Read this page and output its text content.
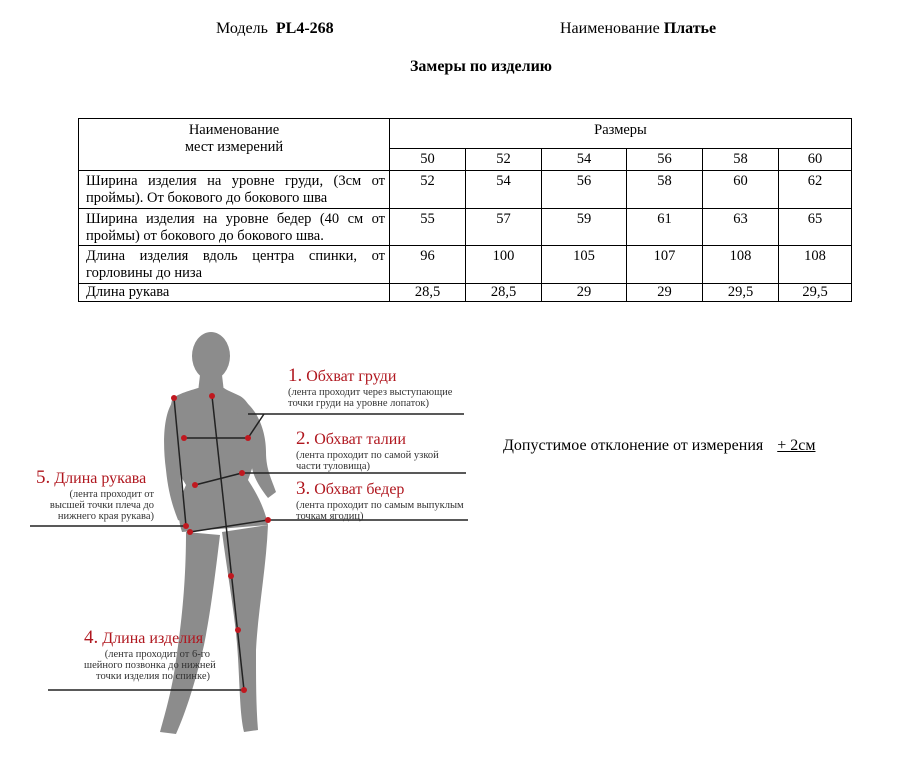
Модель PL4-268	Наименование Платье
Замеры по изделию
Наименование
мест измерений	Размеры					
	50	52	54	56	58	60
Ширина изделия на уровне груди, (3см от проймы). От бокового до бокового шва	52	54	56	58	60	62
Ширина изделия на уровне бедер (40 см от проймы) от бокового до бокового шва.	55	57	59	61	63	65
Длина изделия вдоль центра спинки, от горловины до низа	96	100	105	107	108	108
Длина рукава	28,5	28,5	29	29	29,5	29,5
Допустимое отклонение от измерения + 2см
1. Обхват груди
(лента проходит через выступающие
точки груди на уровне лопаток)
2. Обхват талии
(лента проходит по самой узкой
части туловища)
3. Обхват бедер
(лента проходит по самым выпуклым
точкам ягодиц)
5. Длина рукава
(лента проходит от
высшей точки плеча до
нижнего края рукава)
4. Длина изделия
(лента проходит от 6-го
шейного позвонка до нижней
точки изделия по спинке)
